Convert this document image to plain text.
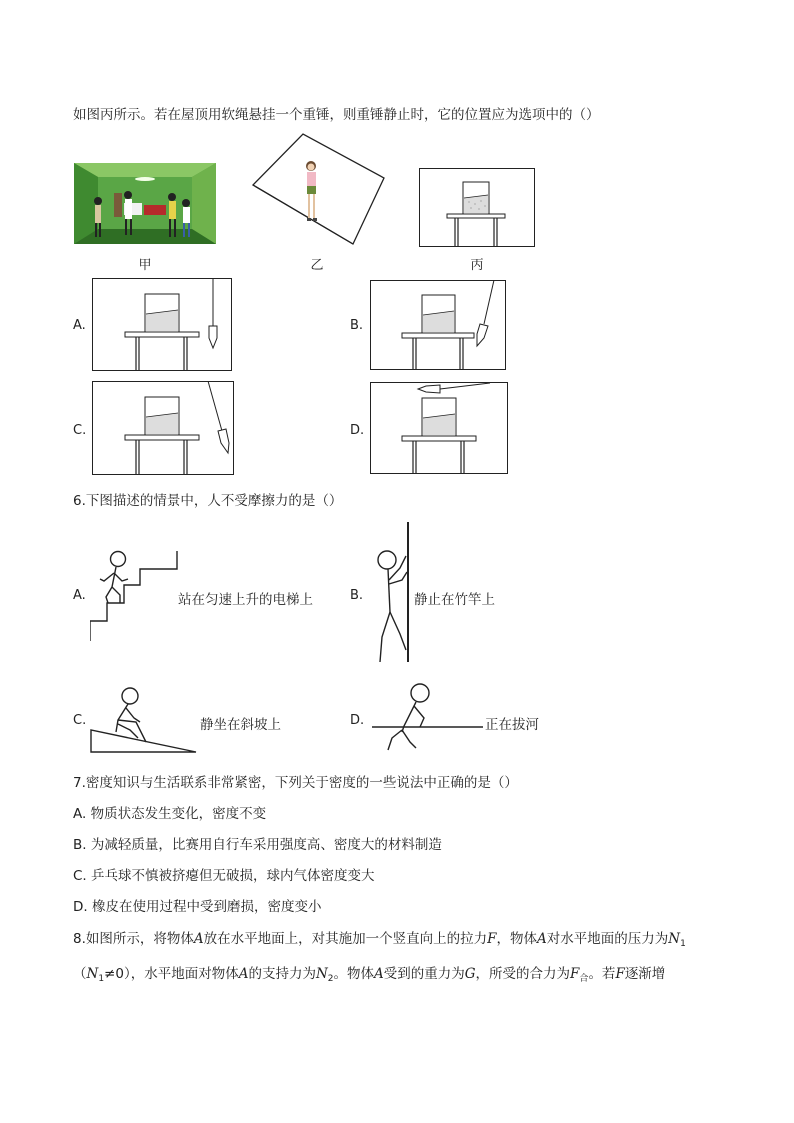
如图丙所示。若在屋顶用软绳悬挂一个重锤，则重锤静止时，它的位置应为选项中的（）
甲	乙	丙
A.	B.
C.	D.
6.下图描述的情景中，人不受摩擦力的是（）
A.	站在匀速上升的电梯上	B.	静止在竹竿上
C.	静坐在斜坡上	D.	正在拔河
7.密度知识与生活联系非常紧密，下列关于密度的一些说法中正确的是（）
A. 物质状态发生变化，密度不变
B. 为减轻质量，比赛用自行车采用强度高、密度大的材料制造
C. 乒乓球不慎被挤瘪但无破损，球内气体密度变大
D. 橡皮在使用过程中受到磨损，密度变小
8.如图所示，将物体A放在水平地面上，对其施加一个竖直向上的拉力F，物体A对水平地面的压力为$N_1$
$(N_1\ne 0)$，水平地面对物体A的支持力为$N_2$。物体A受到的重力为G，所受的合力为$F_合$。若F逐渐增
